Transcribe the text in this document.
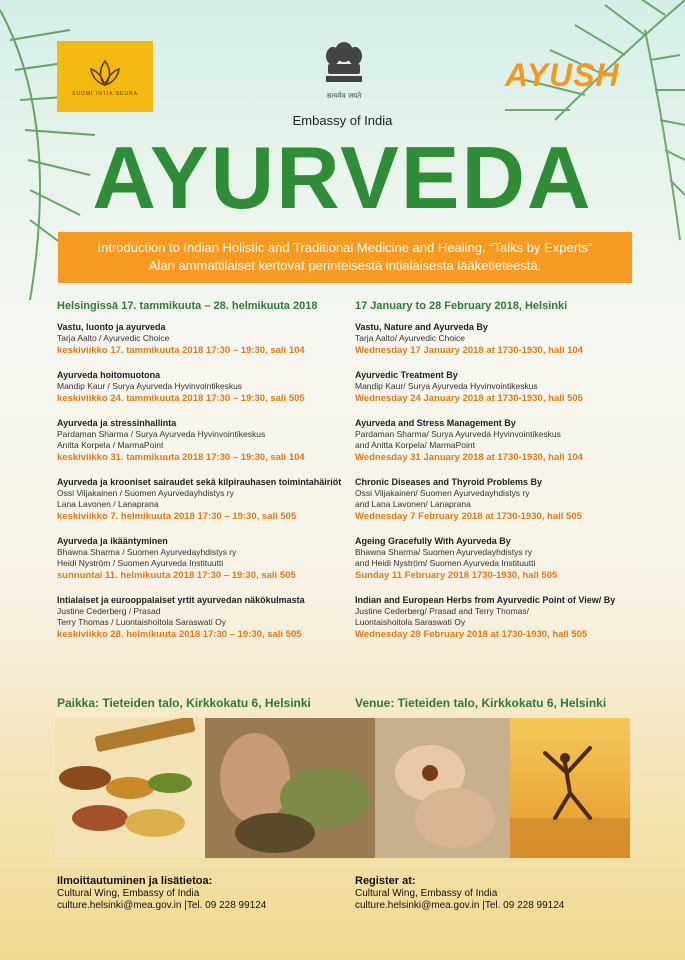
SUOMI INTIA SEURA	सत्यमेव जयते
Embassy of India
AYUSH
AYURVEDA
Introduction to Indian Holistic and Traditional Medicine and Healing. “Talks by Experts”
Alan ammattilaiset kertovat perinteisestä intialaisesta lääketieteestä.
Helsingissä 17. tammikuuta – 28. helmikuuta 2018
Vastu, luonto ja ayurveda
Tarja Aalto / Ayurvedic Choice
keskiviikko 17. tammikuuta 2018 17:30 – 19:30, sali 104
Ayurveda hoitomuotona
Mandip Kaur / Surya Ayurveda Hyvinvointikeskus
keskiviikko 24. tammikuuta 2018 17:30 – 19:30, sali 505
Ayurveda ja stressinhallinta
Pardaman Sharma / Surya Ayurveda Hyvinvointikeskus
Anitta Korpela / MarmaPoint
keskiviikko 31. tammikuuta 2018 17:30 – 19:30, sali 104
Ayurveda ja krooniset sairaudet sekä kilpirauhasen toimintahäiriöt
Ossi Viljakainen / Suomen Ayurvedayhdistys ry
Lana Lavonen / Lanaprana
keskiviikko 7. helmikuuta 2018 17:30 – 19:30, sali 505
Ayurveda ja ikääntyminen
Bhawna Sharma / Suomen Ayurvedayhdistys ry
Heidi Nyström / Suomen Ayurveda Instituutti
sunnuntai 11. helmikuuta 2018 17:30 – 19:30, sali 505
Intialaiset ja eurooppalaiset yrtit ayurvedan näkökulmasta
Justine Cederberg / Prasad
Terry Thomas / Luontaishoitola Saraswati Oy
keskiviikko 28. helmikuuta 2018 17:30 – 19:30, sali 505
17 January to 28 February 2018, Helsinki
Vastu, Nature and Ayurveda By
Tarja Aalto/ Ayurvedic Choice
Wednesday 17 January 2018 at 1730-1930, hall 104
Ayurvedic Treatment By
Mandip Kaur/ Surya Ayurveda Hyvinvointikeskus
Wednesday 24 January 2018 at 1730-1930, hall 505
Ayurveda and Stress Management By
Pardaman Sharma/ Surya Ayurveda Hyvinvointikeskus
and Anitta Korpela/ MarmaPoint
Wednesday 31 January 2018 at 1730-1930, hall 104
Chronic Diseases and Thyroid Problems By
Ossi Viljakainen/ Suomen Ayurvedayhdistys ry
and Lana Lavonen/ Lanaprana
Wednesday 7 February 2018 at 1730-1930, hall 505
Ageing Gracefully With Ayurveda By
Bhawna Sharma/ Suomen Ayurvedayhdistys ry
and Heidi Nyström/ Suomen Ayurveda Instituutti
Sunday 11 February 2018 1730-1930, hall 505
Indian and European Herbs from Ayurvedic Point of View/ By
Justine Cederberg/ Prasad and Terry Thomas/
Luontaishoitola Saraswati Oy
Wednesday 28 February 2018 at 1730-1930, hall 505
Paikka: Tieteiden talo, Kirkkokatu 6, Helsinki	Venue: Tieteiden talo, Kirkkokatu 6, Helsinki
Ilmoittautuminen ja lisätietoa:
Cultural Wing, Embassy of India
culture.helsinki@mea.gov.in |Tel. 09 228 99124
Register at:
Cultural Wing, Embassy of India
culture.helsinki@mea.gov.in |Tel. 09 228 99124
